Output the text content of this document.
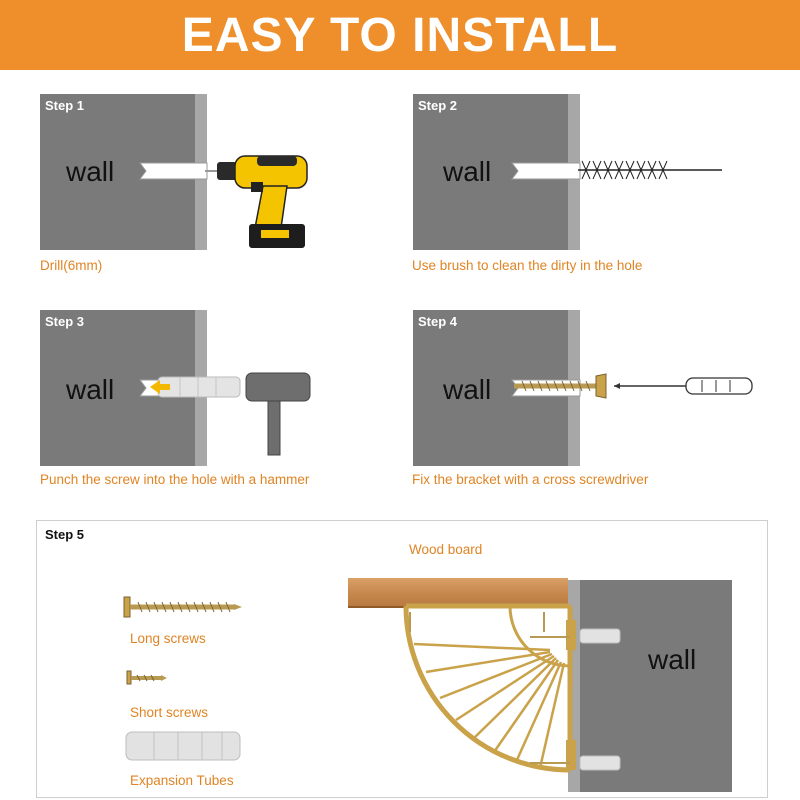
EASY TO INSTALL
Step 1
wall
Drill(6mm)
Step 2
wall
Use brush to clean the dirty in the hole
Step 3
wall
Punch the screw into the hole with a hammer
Step 4
wall
Fix the bracket with a cross screwdriver
Step 5
Wood board
Long screws
Short screws
Expansion Tubes
wall
